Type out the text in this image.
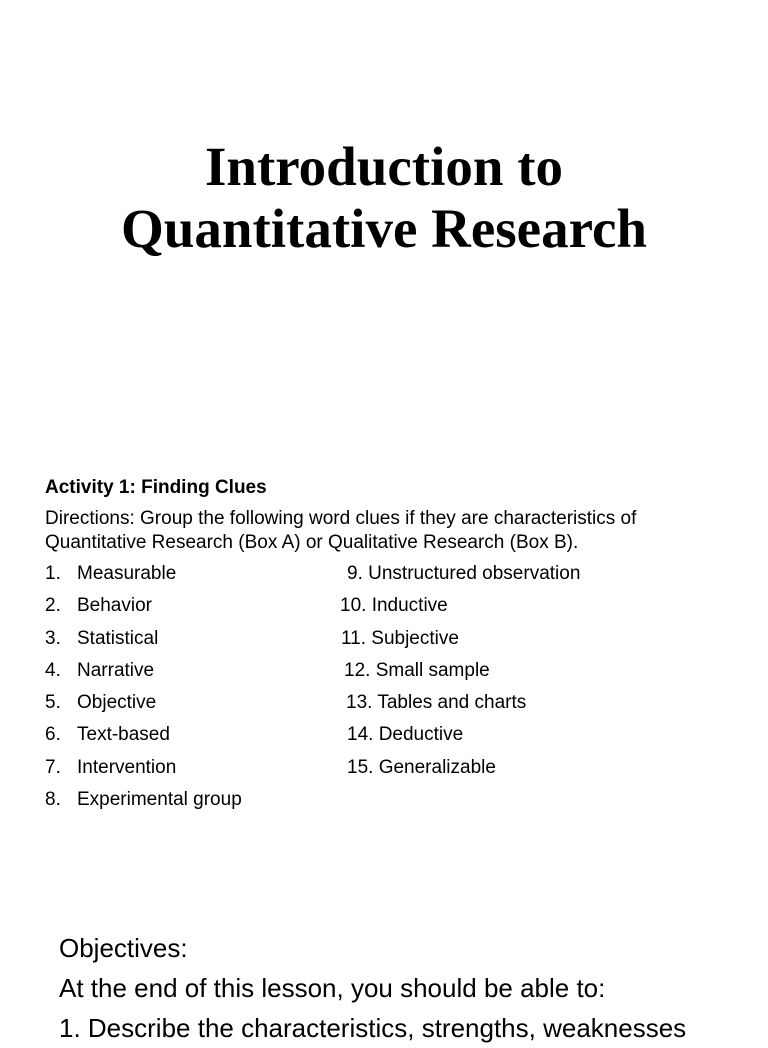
Introduction to
Quantitative Research
Activity 1: Finding Clues
Directions: Group the following word clues if they are characteristics of
Quantitative Research (Box A) or Qualitative Research (Box B).
1. Measurable
2. Behavior
3. Statistical
4. Narrative
5. Objective
6. Text-based
7. Intervention
8. Experimental group
9. Unstructured observation
10. Inductive
11. Subjective
12. Small sample
13. Tables and charts
14. Deductive
15. Generalizable
Objectives:
At the end of this lesson, you should be able to:
1. Describe the characteristics, strengths, weaknesses
